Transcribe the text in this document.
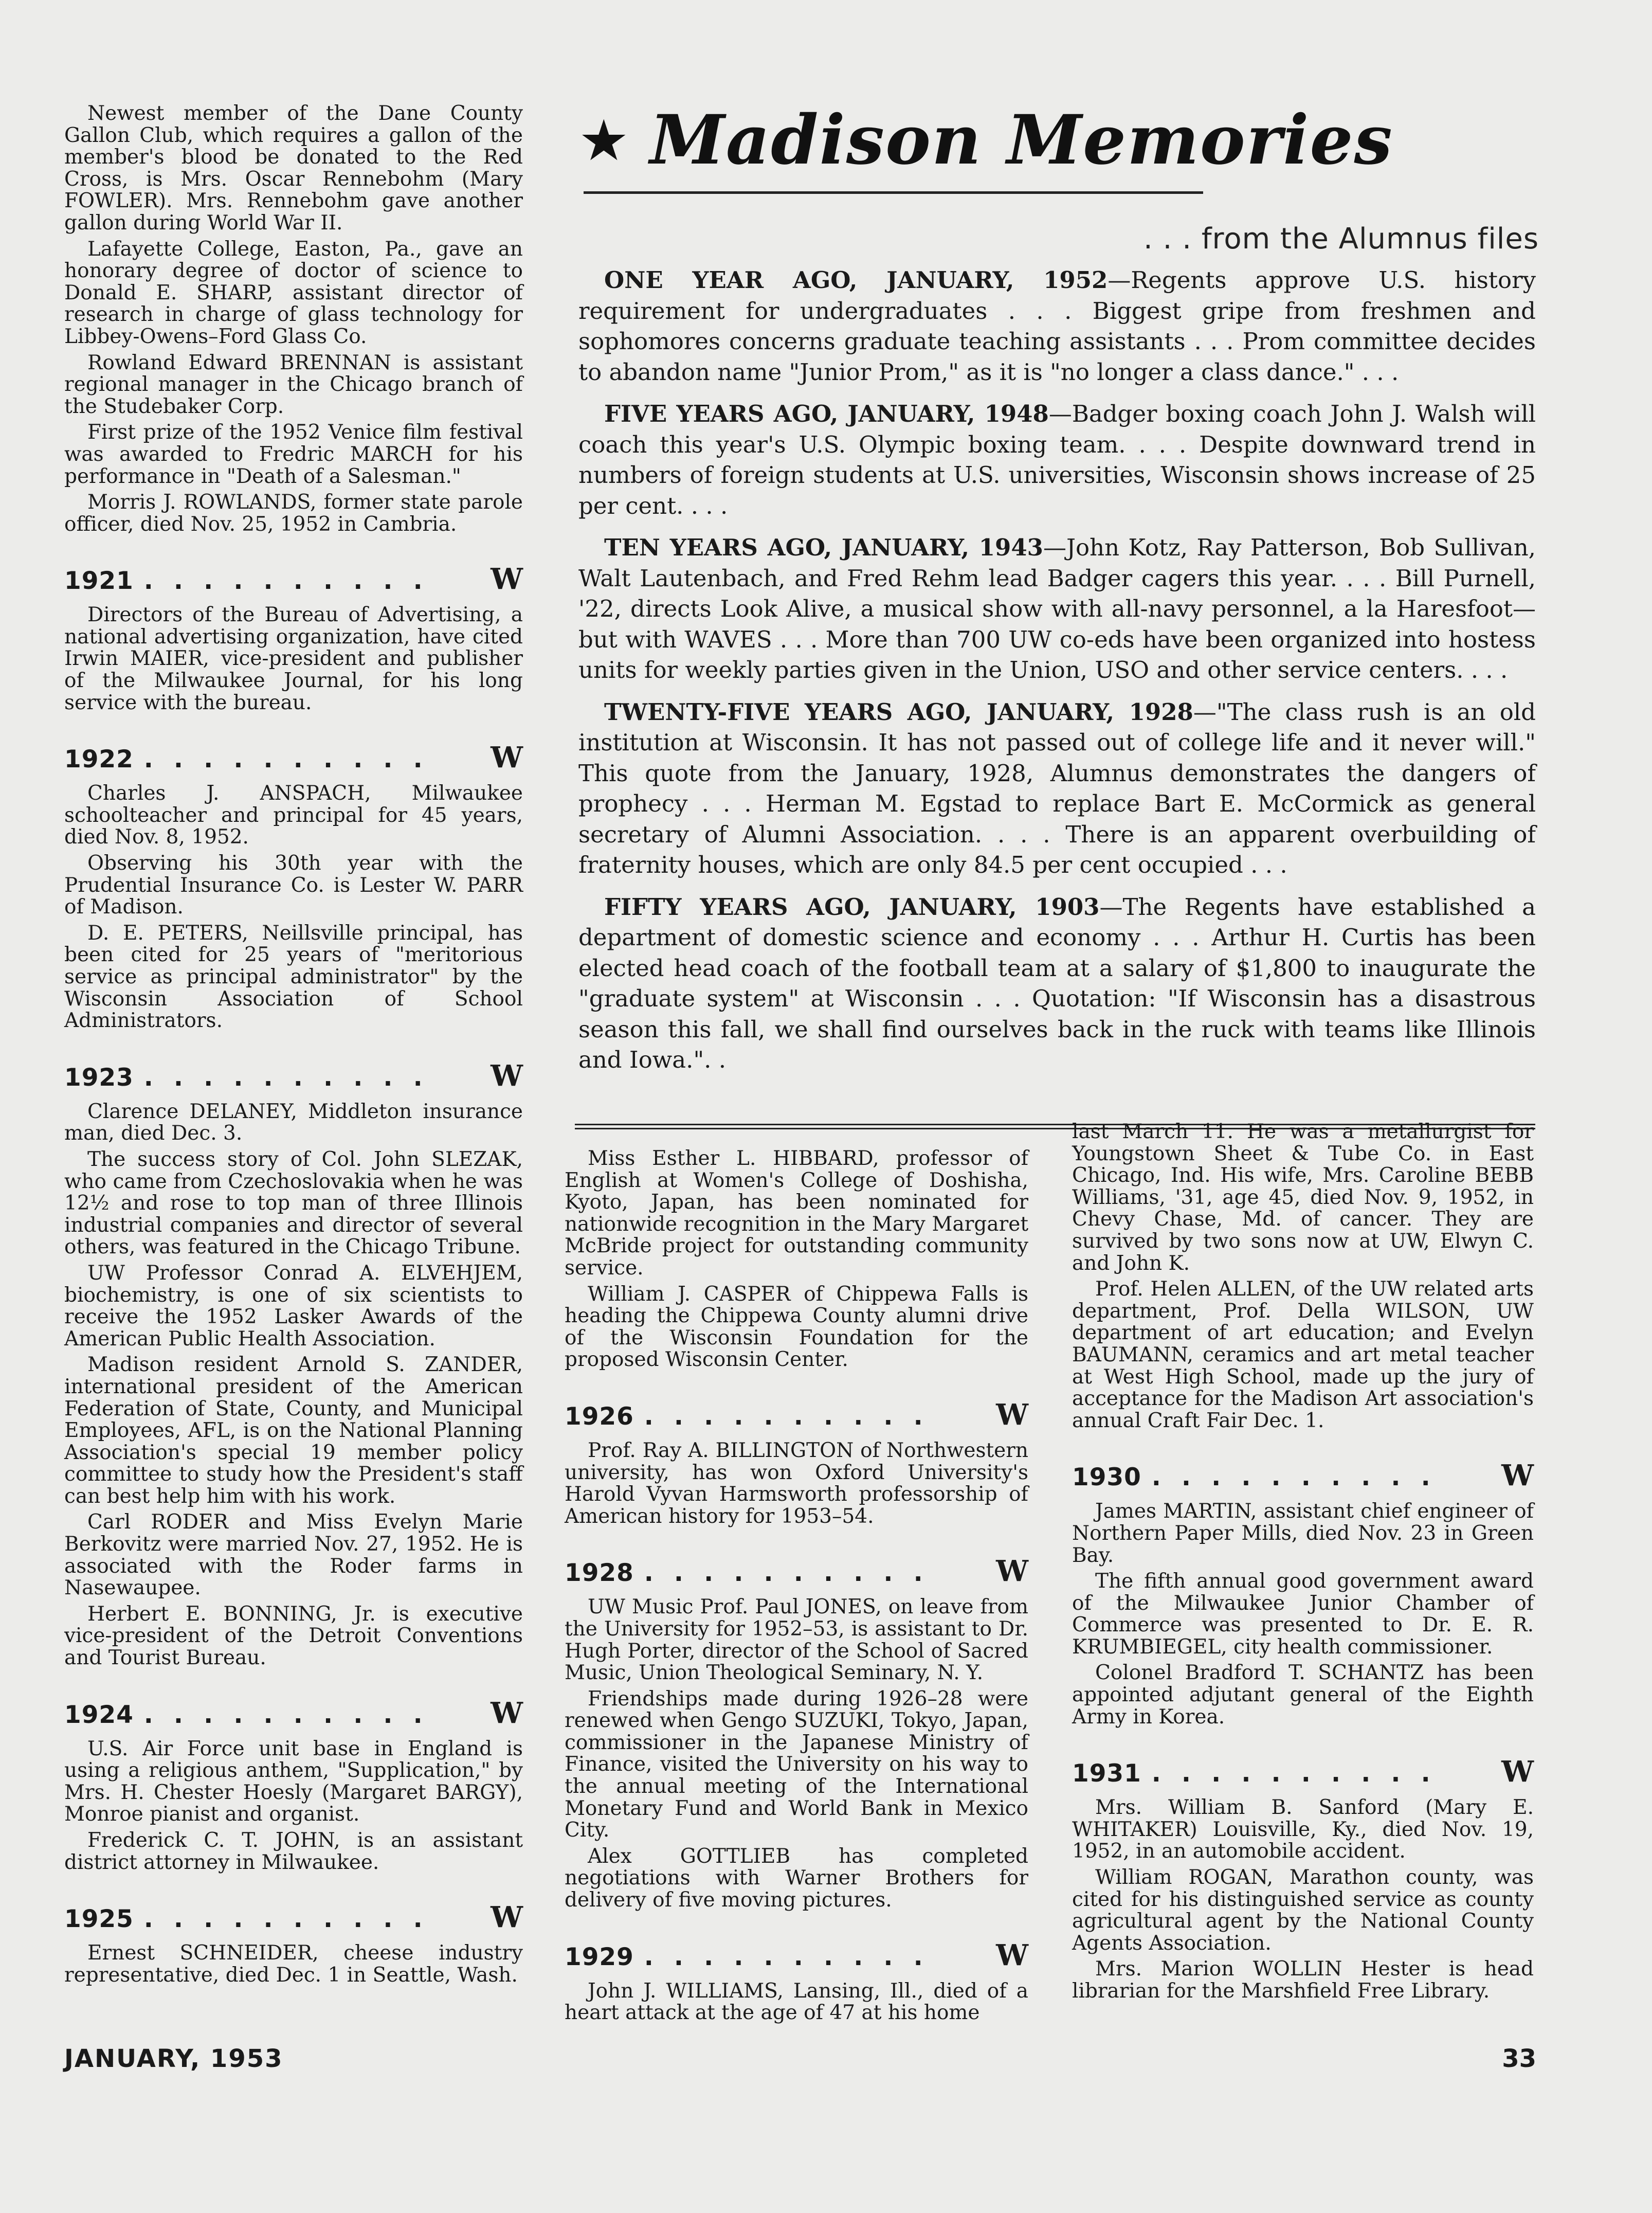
★ Madison Memories
. . . from the Alumnus files

ONE YEAR AGO, JANUARY, 1952—Regents approve U.S. history requirement for undergraduates . . . Biggest gripe from freshmen and sophomores concerns graduate teaching assistants . . . Prom committee decides to abandon name "Junior Prom," as it is "no longer a class dance." . . .

FIVE YEARS AGO, JANUARY, 1948—Badger boxing coach John J. Walsh will coach this year's U.S. Olympic boxing team. . . . Despite downward trend in numbers of foreign students at U.S. universities, Wisconsin shows increase of 25 per cent. . . .

TEN YEARS AGO, JANUARY, 1943—John Kotz, Ray Patterson, Bob Sullivan, Walt Lautenbach, and Fred Rehm lead Badger cagers this year. . . . Bill Purnell, '22, directs Look Alive, a musical show with all-navy personnel, a la Haresfoot—but with WAVES . . . More than 700 UW co-eds have been organized into hostess units for weekly parties given in the Union, USO and other service centers. . . .

TWENTY-FIVE YEARS AGO, JANUARY, 1928—"The class rush is an old institution at Wisconsin. It has not passed out of college life and it never will." This quote from the January, 1928, Alumnus demonstrates the dangers of prophecy . . . Herman M. Egstad to replace Bart E. McCormick as general secretary of Alumni Association. . . . There is an apparent overbuilding of fraternity houses, which are only 84.5 per cent occupied . . .

FIFTY YEARS AGO, JANUARY, 1903—The Regents have established a department of domestic science and economy . . . Arthur H. Curtis has been elected head coach of the football team at a salary of $1,800 to inaugurate the "graduate system" at Wisconsin . . . Quotation: "If Wisconsin has a disastrous season this fall, we shall find ourselves back in the ruck with teams like Illinois and Iowa.". .

Newest member of the Dane County Gallon Club, which requires a gallon of the member's blood be donated to the Red Cross, is Mrs. Oscar Rennebohm (Mary FOWLER). Mrs. Rennebohm gave another gallon during World War II.

Lafayette College, Easton, Pa., gave an honorary degree of doctor of science to Donald E. SHARP, assistant director of research in charge of glass technology for Libbey-Owens–Ford Glass Co.

Rowland Edward BRENNAN is assistant regional manager in the Chicago branch of the Studebaker Corp.

First prize of the 1952 Venice film festival was awarded to Fredric MARCH for his performance in "Death of a Salesman."

Morris J. ROWLANDS, former state parole officer, died Nov. 25, 1952 in Cambria.

1921 . . . . . . . . . .	W

Directors of the Bureau of Advertising, a national advertising organization, have cited Irwin MAIER, vice-president and publisher of the Milwaukee Journal, for his long service with the bureau.

1922 . . . . . . . . . .	W

Charles J. ANSPACH, Milwaukee schoolteacher and principal for 45 years, died Nov. 8, 1952.

Observing his 30th year with the Prudential Insurance Co. is Lester W. PARR of Madison.

D. E. PETERS, Neillsville principal, has been cited for 25 years of "meritorious service as principal administrator" by the Wisconsin Association of School Administrators.

1923 . . . . . . . . . .	W

Clarence DELANEY, Middleton insurance man, died Dec. 3.

The success story of Col. John SLEZAK, who came from Czechoslovakia when he was 12½ and rose to top man of three Illinois industrial companies and director of several others, was featured in the Chicago Tribune.

UW Professor Conrad A. ELVEHJEM, biochemistry, is one of six scientists to receive the 1952 Lasker Awards of the American Public Health Association.

Madison resident Arnold S. ZANDER, international president of the American Federation of State, County, and Municipal Employees, AFL, is on the National Planning Association's special 19 member policy committee to study how the President's staff can best help him with his work.

Carl RODER and Miss Evelyn Marie Berkovitz were married Nov. 27, 1952. He is associated with the Roder farms in Nasewaupee.

Herbert E. BONNING, Jr. is executive vice-president of the Detroit Conventions and Tourist Bureau.

1924 . . . . . . . . . .	W

U.S. Air Force unit base in England is using a religious anthem, "Supplication," by Mrs. H. Chester Hoesly (Margaret BARGY), Monroe pianist and organist.

Frederick C. T. JOHN, is an assistant district attorney in Milwaukee.

1925 . . . . . . . . . .	W

Ernest SCHNEIDER, cheese industry representative, died Dec. 1 in Seattle, Wash.

Miss Esther L. HIBBARD, professor of English at Women's College of Doshisha, Kyoto, Japan, has been nominated for nationwide recognition in the Mary Margaret McBride project for outstanding community service.

William J. CASPER of Chippewa Falls is heading the Chippewa County alumni drive of the Wisconsin Foundation for the proposed Wisconsin Center.

1926 . . . . . . . . . .	W

Prof. Ray A. BILLINGTON of Northwestern university, has won Oxford University's Harold Vyvan Harmsworth professorship of American history for 1953–54.

1928 . . . . . . . . . .	W

UW Music Prof. Paul JONES, on leave from the University for 1952–53, is assistant to Dr. Hugh Porter, director of the School of Sacred Music, Union Theological Seminary, N. Y.

Friendships made during 1926–28 were renewed when Gengo SUZUKI, Tokyo, Japan, commissioner in the Japanese Ministry of Finance, visited the University on his way to the annual meeting of the International Monetary Fund and World Bank in Mexico City.

Alex GOTTLIEB has completed negotiations with Warner Brothers for delivery of five moving pictures.

1929 . . . . . . . . . .	W

John J. WILLIAMS, Lansing, Ill., died of a heart attack at the age of 47 at his home

last March 11. He was a metallurgist for Youngstown Sheet & Tube Co. in East Chicago, Ind. His wife, Mrs. Caroline BEBB Williams, '31, age 45, died Nov. 9, 1952, in Chevy Chase, Md. of cancer. They are survived by two sons now at UW, Elwyn C. and John K.

Prof. Helen ALLEN, of the UW related arts department, Prof. Della WILSON, UW department of art education; and Evelyn BAUMANN, ceramics and art metal teacher at West High School, made up the jury of acceptance for the Madison Art association's annual Craft Fair Dec. 1.

1930 . . . . . . . . . .	W

James MARTIN, assistant chief engineer of Northern Paper Mills, died Nov. 23 in Green Bay.

The fifth annual good government award of the Milwaukee Junior Chamber of Commerce was presented to Dr. E. R. KRUMBIEGEL, city health commissioner.

Colonel Bradford T. SCHANTZ has been appointed adjutant general of the Eighth Army in Korea.

1931 . . . . . . . . . .	W

Mrs. William B. Sanford (Mary E. WHITAKER) Louisville, Ky., died Nov. 19, 1952, in an automobile accident.

William ROGAN, Marathon county, was cited for his distinguished service as county agricultural agent by the National County Agents Association.

Mrs. Marion WOLLIN Hester is head librarian for the Marshfield Free Library.

JANUARY, 1953	33
